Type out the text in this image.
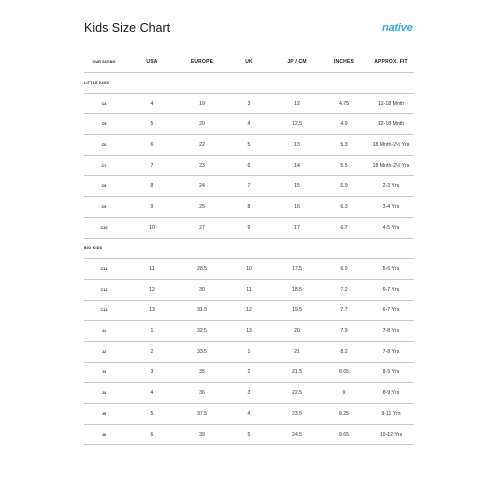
Kids Size Chart	native
OUR SIZING	USA	EUROPE	UK	JP / CM	INCHES	APPROX. FIT
LITTLE KIDS
C4	4	19	3	12	4.75	12-18 Mnth
C5	5	20	4	12.5	4.9	12-18 Mnth
C6	6	22	5	13	5.3	18 Mnth-2½ Yrs
C7	7	23	6	14	5.5	18 Mnth-2½ Yrs
C8	8	24	7	15	5.9	2-3 Yrs
C9	9	25	8	16	6.3	3-4 Yrs
C10	10	27	9	17	6.7	4-5 Yrs
BIG KIDS
C11	11	28.5	10	17.5	6.9	5-6 Yrs
C12	12	30	11	18.5	7.2	6-7 Yrs
C13	13	31.5	12	19.5	7.7	6-7 Yrs
J1	1	32.5	13	20	7.9	7-8 Yrs
J2	2	33.5	1	21	8.2	7-8 Yrs
J3	3	35	2	21.5	8.65	8-9 Yrs
J4	4	36	3	22.5	9	8-9 Yrs
J5	5	37.5	4	23.5	9.25	9-11 Yrs
J6	6	39	5	24.5	9.65	10-12 Yrs
